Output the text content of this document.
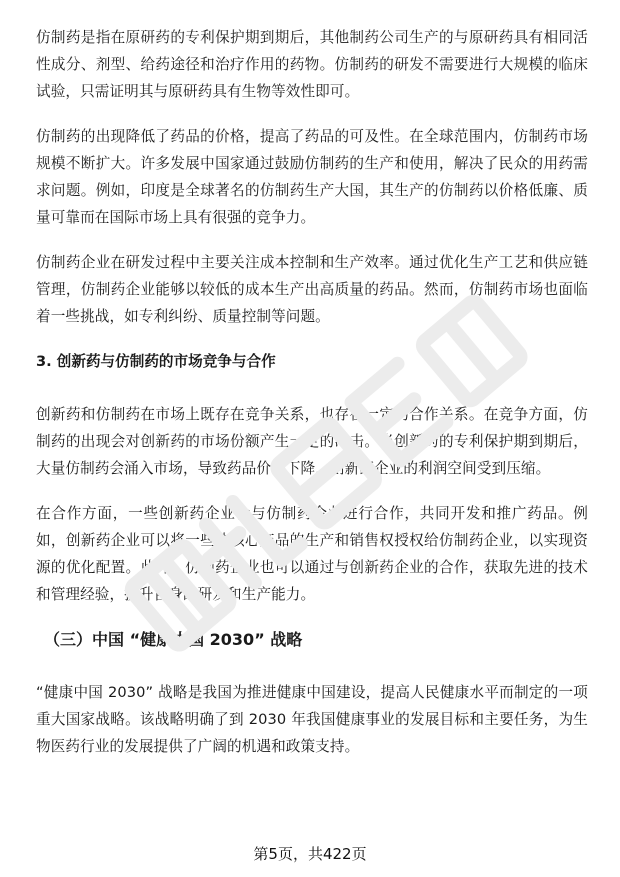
仿制药是指在原研药的专利保护期到期后，其他制药公司生产的与原研药具有相同活性成分、剂型、给药途径和治疗作用的药物。仿制药的研发不需要进行大规模的临床试验，只需证明其与原研药具有生物等效性即可。

仿制药的出现降低了药品的价格，提高了药品的可及性。在全球范围内，仿制药市场规模不断扩大。许多发展中国家通过鼓励仿制药的生产和使用，解决了民众的用药需求问题。例如，印度是全球著名的仿制药生产大国，其生产的仿制药以价格低廉、质量可靠而在国际市场上具有很强的竞争力。

仿制药企业在研发过程中主要关注成本控制和生产效率。通过优化生产工艺和供应链管理，仿制药企业能够以较低的成本生产出高质量的药品。然而，仿制药市场也面临着一些挑战，如专利纠纷、质量控制等问题。

3. 创新药与仿制药的市场竞争与合作

创新药和仿制药在市场上既存在竞争关系，也存在一定的合作关系。在竞争方面，仿制药的出现会对创新药的市场份额产生一定的冲击。当创新药的专利保护期到期后，大量仿制药会涌入市场，导致药品价格下降，创新药企业的利润空间受到压缩。

在合作方面，一些创新药企业会与仿制药企业进行合作，共同开发和推广药品。例如，创新药企业可以将一些非核心产品的生产和销售权授权给仿制药企业，以实现资源的优化配置。此外，仿制药企业也可以通过与创新药企业的合作，获取先进的技术和管理经验，提升自身的研发和生产能力。

（三）中国 “健康中国 2030” 战略

“健康中国 2030” 战略是我国为推进健康中国建设，提高人民健康水平而制定的一项重大国家战略。该战略明确了到 2030 年我国健康事业的发展目标和主要任务，为生物医药行业的发展提供了广阔的机遇和政策支持。

第5页，共422页
